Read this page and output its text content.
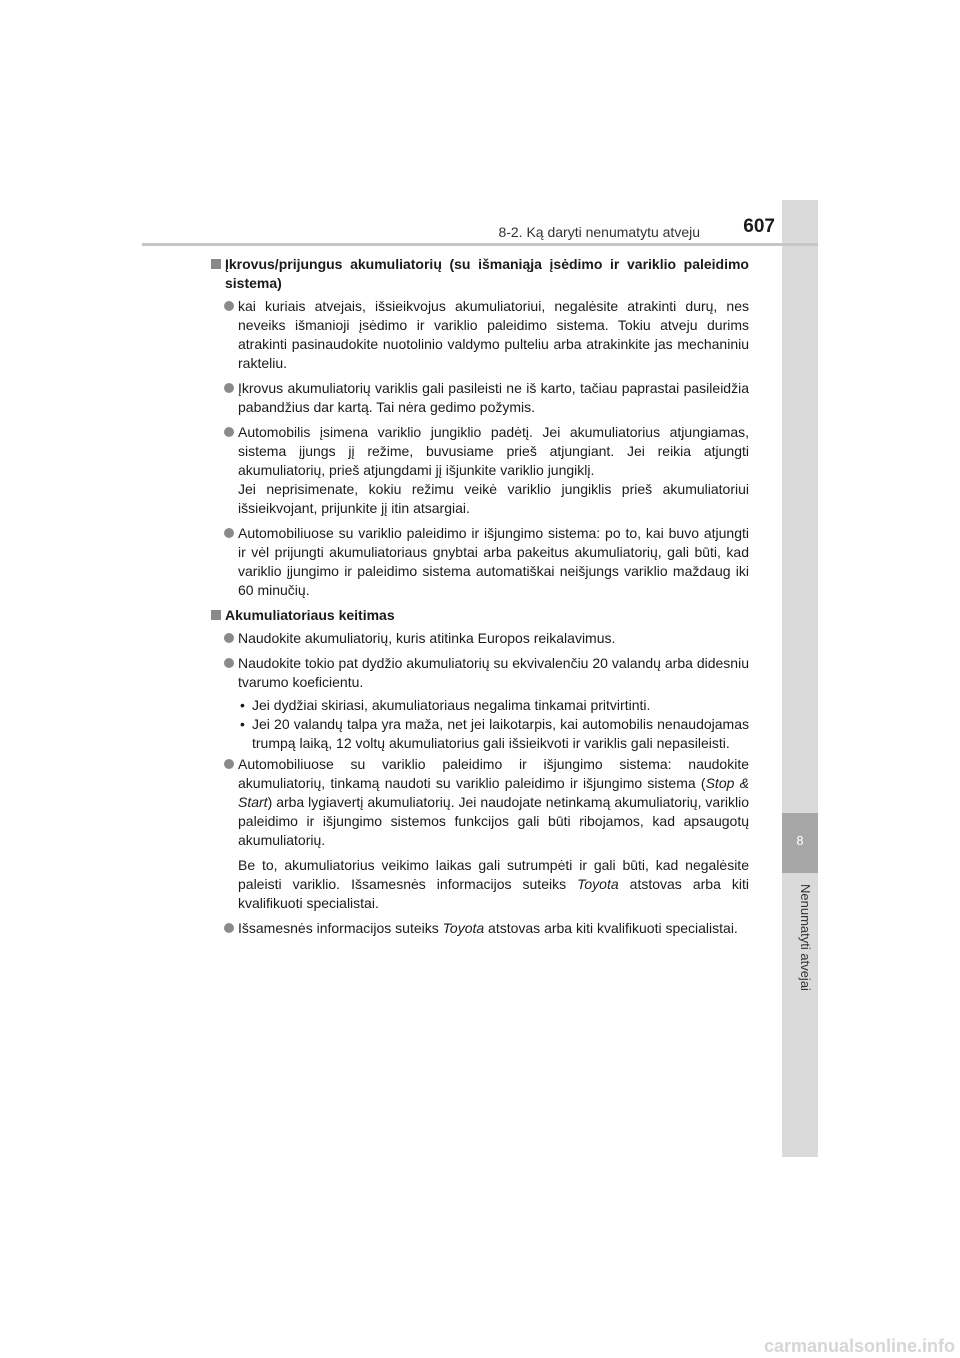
8
Nenumatyti atvejai
8-2. Ką daryti nenumatytu atveju	607
Įkrovus/prijungus akumuliatorių (su išmaniąja įsėdimo ir variklio paleidimo sistema)

kai kuriais atvejais, išsieikvojus akumuliatoriui, negalėsite atrakinti durų, nes neveiks išmanioji įsėdimo ir variklio paleidimo sistema. Tokiu atveju durims atrakinti pasinaudokite nuotolinio valdymo pulteliu arba atrakinkite jas mechaniniu rakteliu.

Įkrovus akumuliatorių variklis gali pasileisti ne iš karto, tačiau paprastai pasileidžia pabandžius dar kartą. Tai nėra gedimo požymis.

Automobilis įsimena variklio jungiklio padėtį. Jei akumuliatorius atjungiamas, sistema įjungs jį režime, buvusiame prieš atjungiant. Jei reikia atjungti akumuliatorių, prieš atjungdami jį išjunkite variklio jungiklį.

Jei neprisimenate, kokiu režimu veikė variklio jungiklis prieš akumuliatoriui išsieikvojant, prijunkite jį itin atsargiai.

Automobiliuose su variklio paleidimo ir išjungimo sistema: po to, kai buvo atjungti ir vėl prijungti akumuliatoriaus gnybtai arba pakeitus akumuliatorių, gali būti, kad variklio įjungimo ir paleidimo sistema automatiškai neišjungs variklio maždaug iki 60 minučių.

Akumuliatoriaus keitimas

Naudokite akumuliatorių, kuris atitinka Europos reikalavimus.

Naudokite tokio pat dydžio akumuliatorių su ekvivalenčiu 20 valandų arba didesniu tvarumo koeficientu.

• Jei dydžiai skiriasi, akumuliatoriaus negalima tinkamai pritvirtinti.
• Jei 20 valandų talpa yra maža, net jei laikotarpis, kai automobilis nenaudojamas trumpą laiką, 12 voltų akumuliatorius gali išsieikvoti ir variklis gali nepasileisti.

Automobiliuose su variklio paleidimo ir išjungimo sistema: naudokite akumuliatorių, tinkamą naudoti su variklio paleidimo ir išjungimo sistema (Stop & Start) arba lygiavertį akumuliatorių. Jei naudojate netinkamą akumuliatorių, variklio paleidimo ir išjungimo sistemos funkcijos gali būti ribojamos, kad apsaugotų akumuliatorių.

Be to, akumuliatorius veikimo laikas gali sutrumpėti ir gali būti, kad negalėsite paleisti variklio. Išsamesnės informacijos suteiks Toyota atstovas arba kiti kvalifikuoti specialistai.

Išsamesnės informacijos suteiks Toyota atstovas arba kiti kvalifikuoti specialistai.

carmanualsonline.info
